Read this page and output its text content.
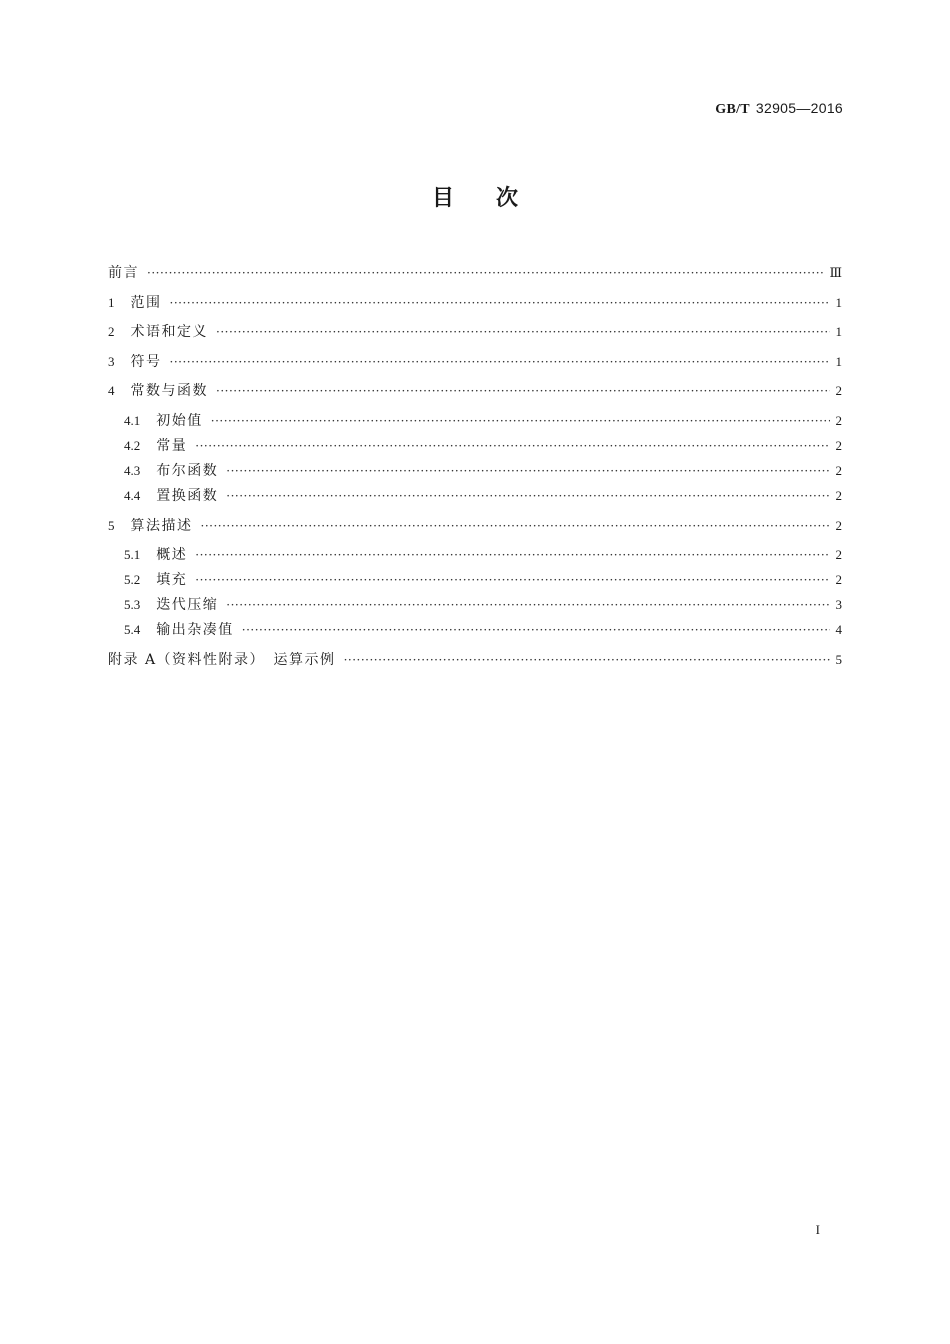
GB/T 32905—2016
目次
前言 ·····	Ⅲ
1 范围 ·····	1
2 术语和定义 ·····	1
3 符号 ·····	1
4 常数与函数 ·····	2
4.1 初始值 ·····	2
4.2 常量 ·····	2
4.3 布尔函数 ·····	2
4.4 置换函数 ·····	2
5 算法描述 ·····	2
5.1 概述 ·····	2
5.2 填充 ·····	2
5.3 迭代压缩 ·····	3
5.4 输出杂凑值 ·····	4
附录 A（资料性附录）　运算示例 ·····	5
I
